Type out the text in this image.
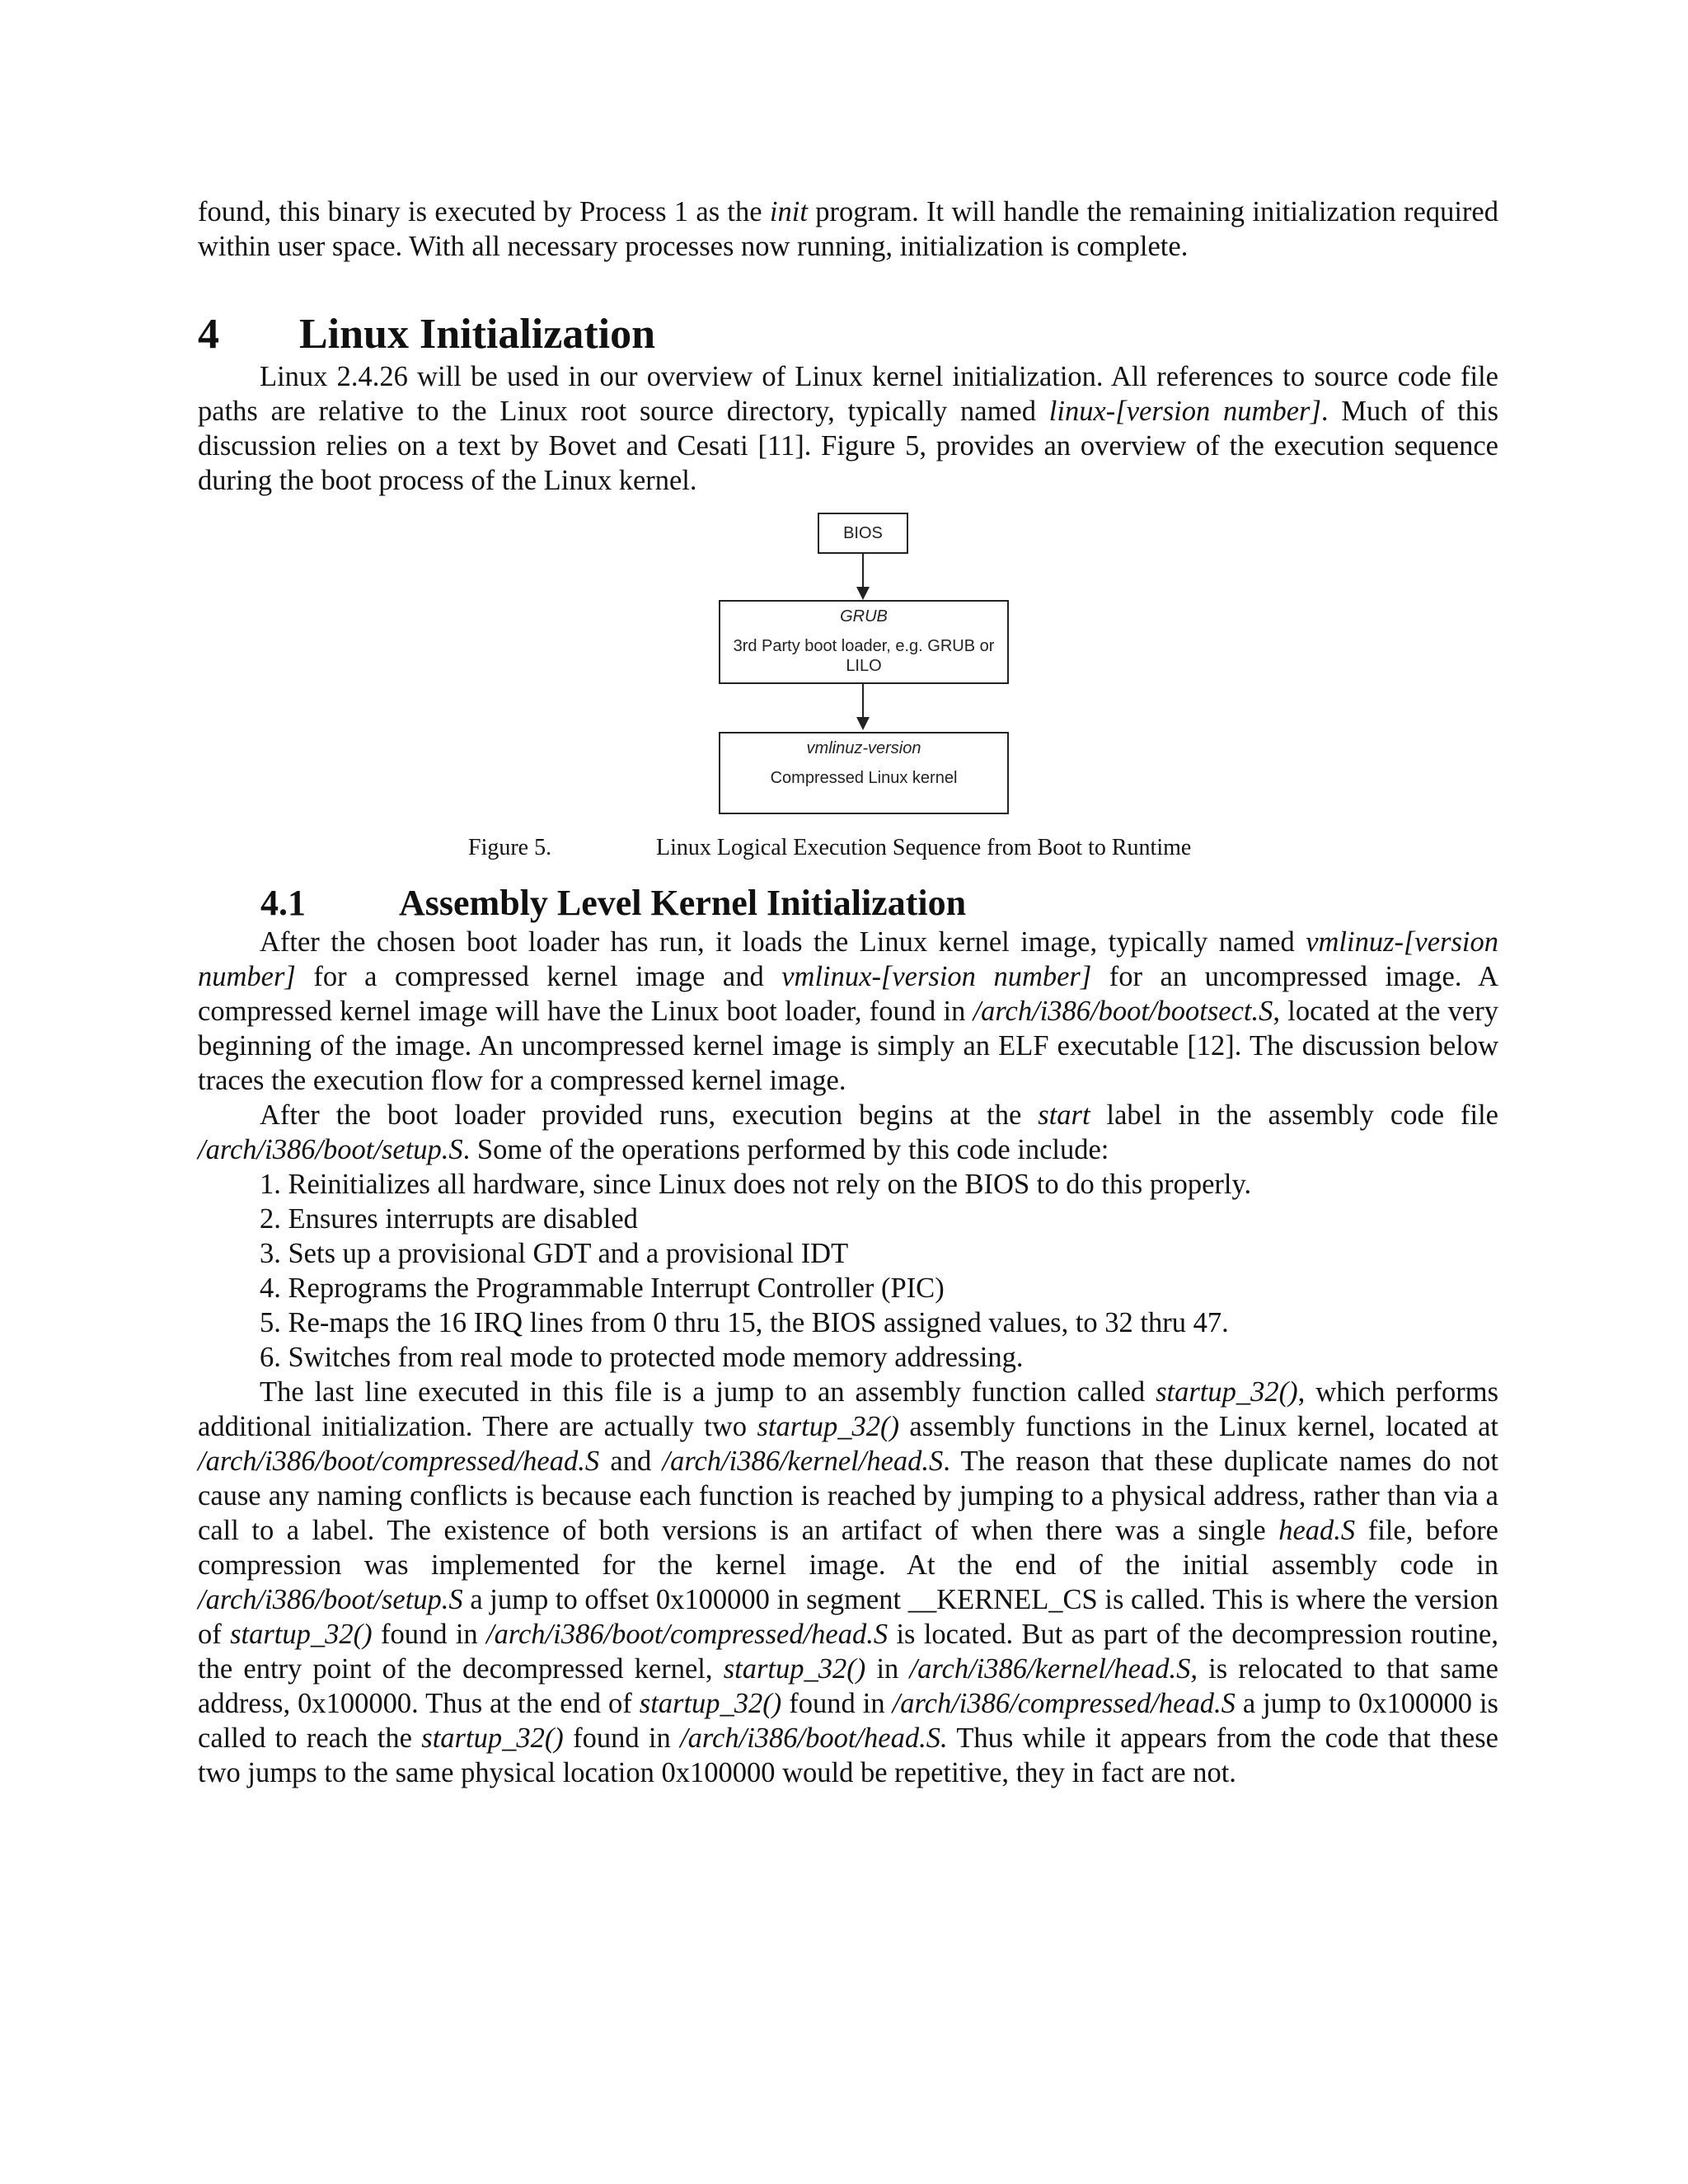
found, this binary is executed by Process 1 as the init program. It will handle the remaining initialization required within user space. With all necessary processes now running, initialization is complete.

4 Linux Initialization

Linux 2.4.26 will be used in our overview of Linux kernel initialization. All references to source code file paths are relative to the Linux root source directory, typically named linux-[version number]. Much of this discussion relies on a text by Bovet and Cesati [11]. Figure 5, provides an overview of the execution sequence during the boot process of the Linux kernel.

BIOS
GRUB
3rd Party boot loader, e.g. GRUB or LILO
vmlinuz-version
Compressed Linux kernel
Figure 5.	Linux Logical Execution Sequence from Boot to Runtime
4.1	Assembly Level Kernel Initialization

After the chosen boot loader has run, it loads the Linux kernel image, typically named vmlinuz-[version number] for a compressed kernel image and vmlinux-[version number] for an uncompressed image. A compressed kernel image will have the Linux boot loader, found in /arch/i386/boot/bootsect.S, located at the very beginning of the image. An uncompressed kernel image is simply an ELF executable [12]. The discussion below traces the execution flow for a compressed kernel image.

After the boot loader provided runs, execution begins at the start label in the assembly code file /arch/i386/boot/setup.S. Some of the operations performed by this code include:

1. Reinitializes all hardware, since Linux does not rely on the BIOS to do this properly.
2. Ensures interrupts are disabled
3. Sets up a provisional GDT and a provisional IDT
4. Reprograms the Programmable Interrupt Controller (PIC)
5. Re-maps the 16 IRQ lines from 0 thru 15, the BIOS assigned values, to 32 thru 47.
6. Switches from real mode to protected mode memory addressing.

The last line executed in this file is a jump to an assembly function called startup_32(), which performs additional initialization. There are actually two startup_32() assembly functions in the Linux kernel, located at /arch/i386/boot/compressed/head.S and /arch/i386/kernel/head.S. The reason that these duplicate names do not cause any naming conflicts is because each function is reached by jumping to a physical address, rather than via a call to a label. The existence of both versions is an artifact of when there was a single head.S file, before compression was implemented for the kernel image. At the end of the initial assembly code in /arch/i386/boot/setup.S a jump to offset 0x100000 in segment __KERNEL_CS is called. This is where the version of startup_32() found in /arch/i386/boot/compressed/head.S is located. But as part of the decompression routine, the entry point of the decompressed kernel, startup_32() in /arch/i386/kernel/head.S, is relocated to that same address, 0x100000. Thus at the end of startup_32() found in /arch/i386/compressed/head.S a jump to 0x100000 is called to reach the startup_32() found in /arch/i386/boot/head.S. Thus while it appears from the code that these two jumps to the same physical location 0x100000 would be repetitive, they in fact are not.
